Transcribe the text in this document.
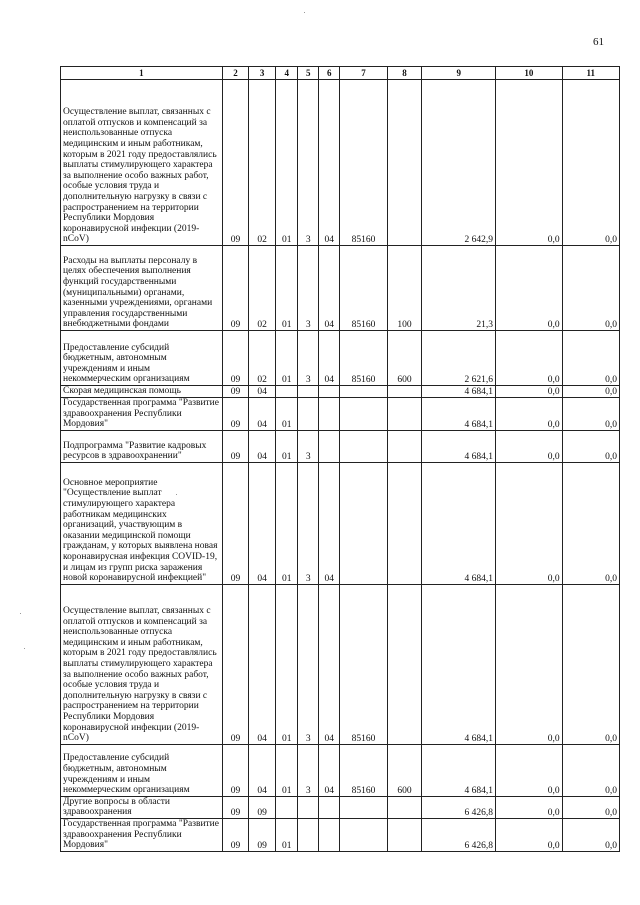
61
1	2	3	4	5	6	7	8	9	10	11
Осуществление выплат, связанных с оплатой отпусков и компенсаций за неиспользованные отпуска медицинским и иным работникам, которым в 2021 году предоставлялись выплаты стимулирующего характера за выполнение особо важных работ, особые условия труда и дополнительную нагрузку в связи с распространением на территории Республики Мордовия коронавирусной инфекции (2019-nCoV)	09	02	01	3	04	85160		2 642,9	0,0	0,0
Расходы на выплаты персоналу в целях обеспечения выполнения функций государственными (муниципальными) органами, казенными учреждениями, органами управления государственными внебюджетными фондами	09	02	01	3	04	85160	100	21,3	0,0	0,0
Предоставление субсидий бюджетным, автономным учреждениям и иным некоммерческим организациям	09	02	01	3	04	85160	600	2 621,6	0,0	0,0
Скорая медицинская помощь	09	04						4 684,1	0,0	0,0
Государственная программа "Развитие здравоохранения Республики Мордовия"	09	04	01					4 684,1	0,0	0,0
Подпрограмма "Развитие кадровых ресурсов в здравоохранении"	09	04	01	3				4 684,1	0,0	0,0
Основное мероприятие "Осуществление выплат стимулирующего характера работникам медицинских организаций, участвующим в оказании медицинской помощи гражданам, у которых выявлена новая коронавирусная инфекция COVID-19, и лицам из групп риска заражения новой коронавирусной инфекцией"	09	04	01	3	04			4 684,1	0,0	0,0
Осуществление выплат, связанных с оплатой отпусков и компенсаций за неиспользованные отпуска медицинским и иным работникам, которым в 2021 году предоставлялись выплаты стимулирующего характера за выполнение особо важных работ, особые условия труда и дополнительную нагрузку в связи с распространением на территории Республики Мордовия коронавирусной инфекции (2019-nCoV)	09	04	01	3	04	85160		4 684,1	0,0	0,0
Предоставление субсидий бюджетным, автономным учреждениям и иным некоммерческим организациям	09	04	01	3	04	85160	600	4 684,1	0,0	0,0
Другие вопросы в области здравоохранения	09	09						6 426,8	0,0	0,0
Государственная программа "Развитие здравоохранения Республики Мордовия"	09	09	01					6 426,8	0,0	0,0
